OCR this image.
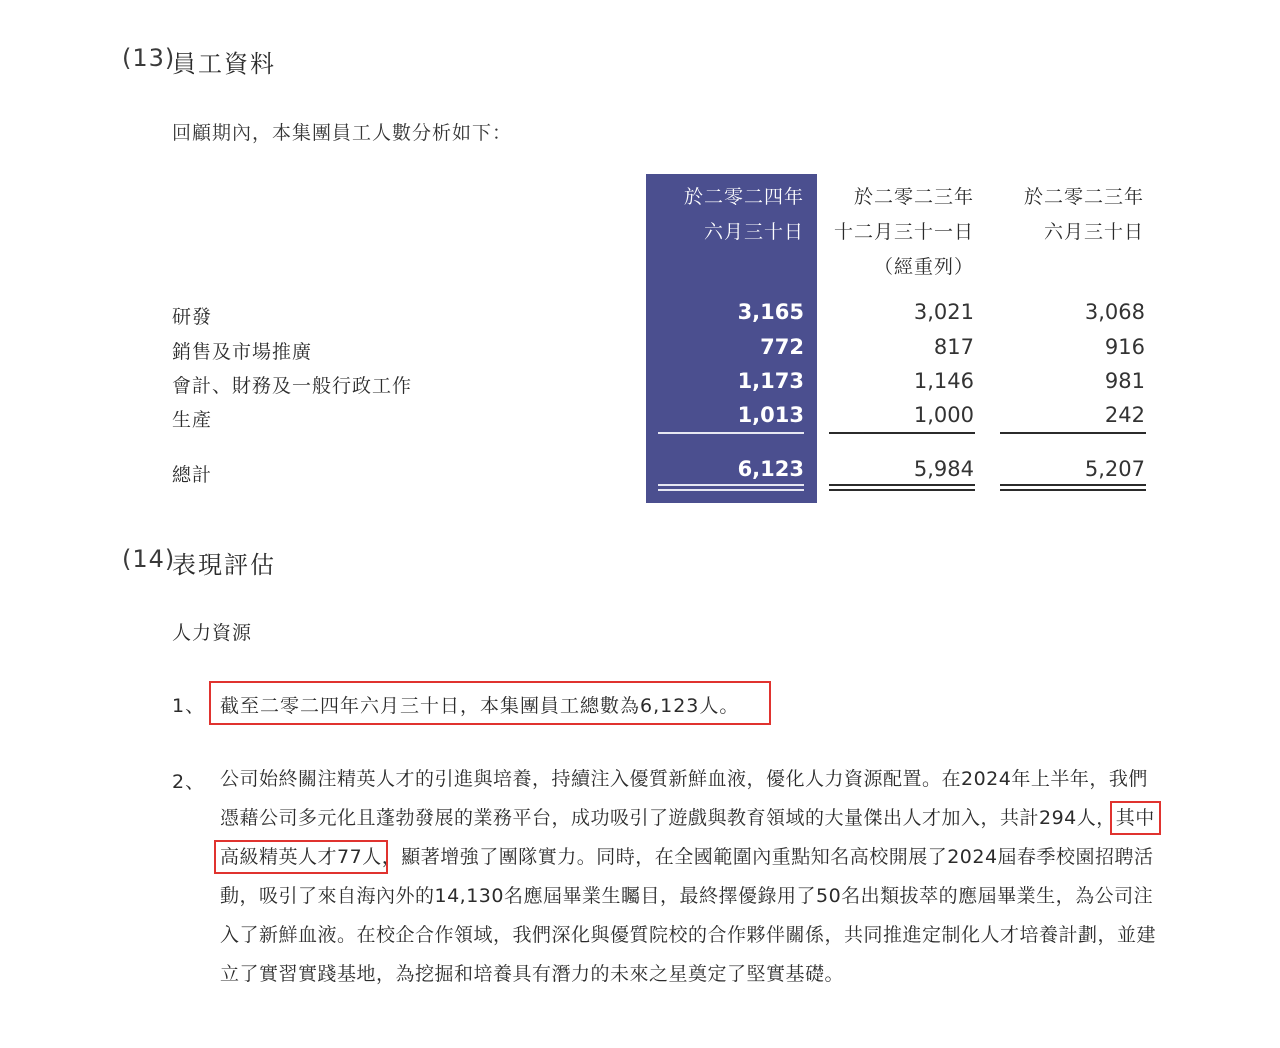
(13)
員工資料
回顧期內，本集團員工人數分析如下：
於二零二四年
六月三十日
於二零二三年
十二月三十一日
（經重列）
於二零二三年
六月三十日
研發
銷售及市場推廣
會計、財務及一般行政工作
生產
總計
3,165
772
1,173
1,013
6,123
3,021
817
1,146
1,000
5,984
3,068
916
981
242
5,207
(14)
表現評估
人力資源
1、 截至二零二四年六月三十日，本集團員工總數為6,123人。
2、 公司始終關注精英人才的引進與培養，持續注入優質新鮮血液，優化人力資源配置。在2024年上半年，我們憑藉公司多元化且蓬勃發展的業務平台，成功吸引了遊戲與教育領域的大量傑出人才加入，共計294人，其中高級精英人才77人，顯著增強了團隊實力。同時，在全國範圍內重點知名高校開展了2024屆春季校園招聘活動，吸引了來自海內外的14,130名應屆畢業生矚目，最終擇優錄用了50名出類拔萃的應屆畢業生，為公司注入了新鮮血液。在校企合作領域，我們深化與優質院校的合作夥伴關係，共同推進定制化人才培養計劃，並建立了實習實踐基地，為挖掘和培養具有潛力的未來之星奠定了堅實基礎。
